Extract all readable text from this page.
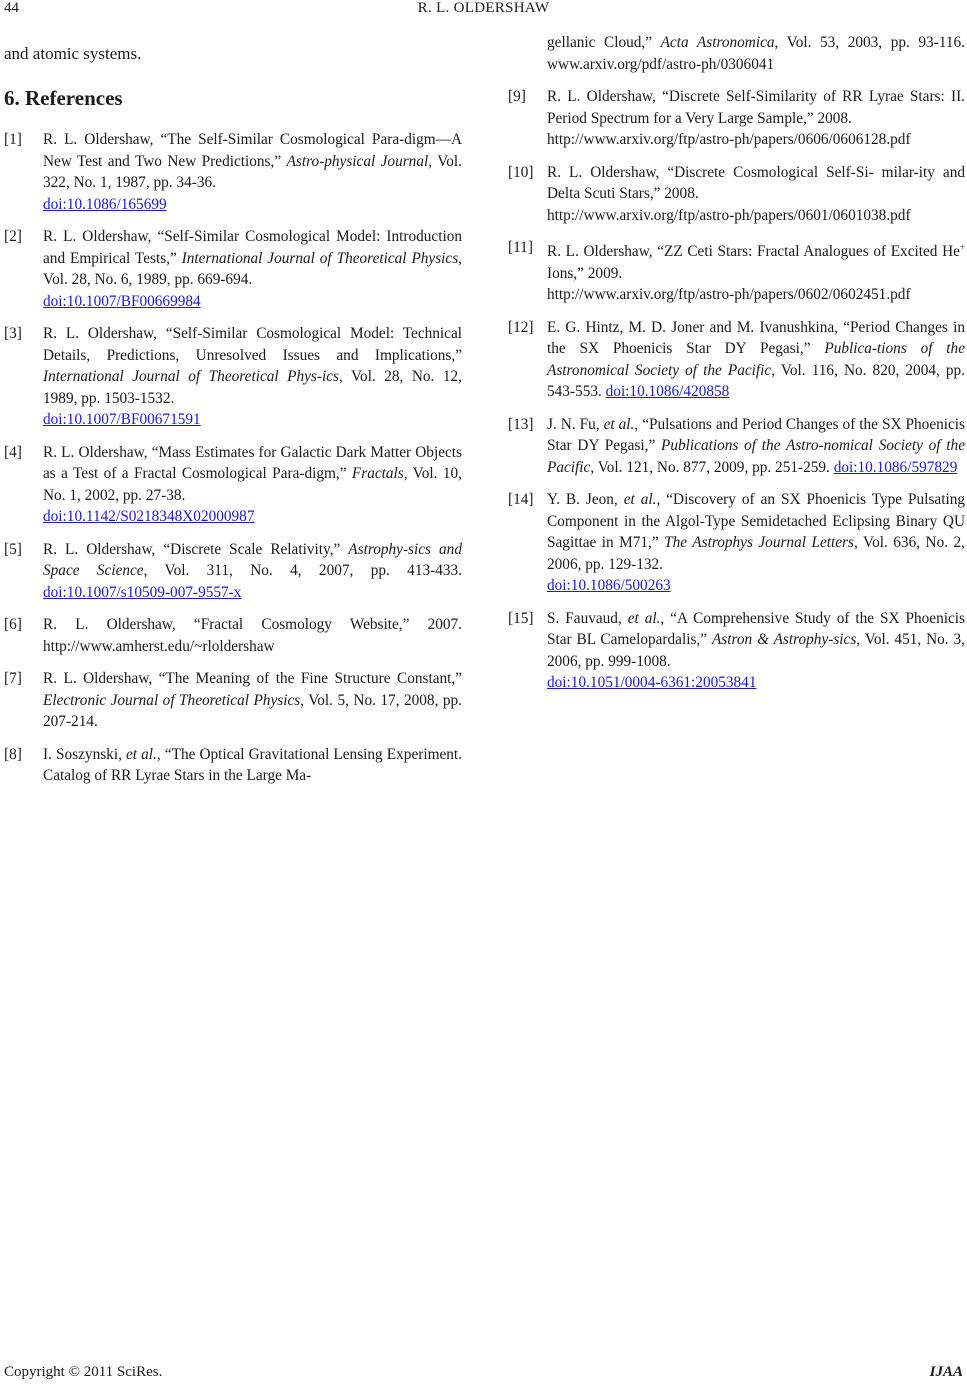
44	R. L. OLDERSHAW

and atomic systems.

6. References
[1] R. L. Oldershaw, “The Self-Similar Cosmological Para-digm―A New Test and Two New Predictions,” Astro-physical Journal, Vol. 322, No. 1, 1987, pp. 34-36.
doi:10.1086/165699
[2] R. L. Oldershaw, “Self-Similar Cosmological Model: Introduction and Empirical Tests,” International Journal of Theoretical Physics, Vol. 28, No. 6, 1989, pp. 669-694.
doi:10.1007/BF00669984
[3] R. L. Oldershaw, “Self-Similar Cosmological Model: Technical Details, Predictions, Unresolved Issues and Implications,” International Journal of Theoretical Phys-ics, Vol. 28, No. 12, 1989, pp. 1503-1532.
doi:10.1007/BF00671591
[4] R. L. Oldershaw, “Mass Estimates for Galactic Dark Matter Objects as a Test of a Fractal Cosmological Para-digm,” Fractals, Vol. 10, No. 1, 2002, pp. 27-38.
doi:10.1142/S0218348X02000987
[5] R. L. Oldershaw, “Discrete Scale Relativity,” Astrophy-sics and Space Science, Vol. 311, No. 4, 2007, pp. 413-433. doi:10.1007/s10509-007-9557-x
[6] R. L. Oldershaw, “Fractal Cosmology Website,” 2007. http://www.amherst.edu/~rloldershaw
[7] R. L. Oldershaw, “The Meaning of the Fine Structure Constant,” Electronic Journal of Theoretical Physics, Vol. 5, No. 17, 2008, pp. 207-214.
[8] I. Soszynski, et al., “The Optical Gravitational Lensing Experiment. Catalog of RR Lyrae Stars in the Large Ma-
gellanic Cloud,” Acta Astronomica, Vol. 53, 2003, pp. 93-116. www.arxiv.org/pdf/astro-ph/0306041
[9] R. L. Oldershaw, “Discrete Self-Similarity of RR Lyrae Stars: II. Period Spectrum for a Very Large Sample,” 2008.
http://www.arxiv.org/ftp/astro-ph/papers/0606/0606128.pdf
[10] R. L. Oldershaw, “Discrete Cosmological Self-Si- milar-ity and Delta Scuti Stars,” 2008.
http://www.arxiv.org/ftp/astro-ph/papers/0601/0601038.pdf
[11] R. L. Oldershaw, “ZZ Ceti Stars: Fractal Analogues of Excited He+ Ions,” 2009.
http://www.arxiv.org/ftp/astro-ph/papers/0602/0602451.pdf
[12] E. G. Hintz, M. D. Joner and M. Ivanushkina, “Period Changes in the SX Phoenicis Star DY Pegasi,” Publica-tions of the Astronomical Society of the Pacific, Vol. 116, No. 820, 2004, pp. 543-553. doi:10.1086/420858
[13] J. N. Fu, et al., “Pulsations and Period Changes of the SX Phoenicis Star DY Pegasi,” Publications of the Astro-nomical Society of the Pacific, Vol. 121, No. 877, 2009, pp. 251-259. doi:10.1086/597829
[14] Y. B. Jeon, et al., “Discovery of an SX Phoenicis Type Pulsating Component in the Algol-Type Semidetached Eclipsing Binary QU Sagittae in M71,” The Astrophys Journal Letters, Vol. 636, No. 2, 2006, pp. 129-132.
doi:10.1086/500263
[15] S. Fauvaud, et al., “A Comprehensive Study of the SX Phoenicis Star BL Camelopardalis,” Astron & Astrophy-sics, Vol. 451, No. 3, 2006, pp. 999-1008.
doi:10.1051/0004-6361:20053841
Copyright © 2011 SciRes.	IJAA
